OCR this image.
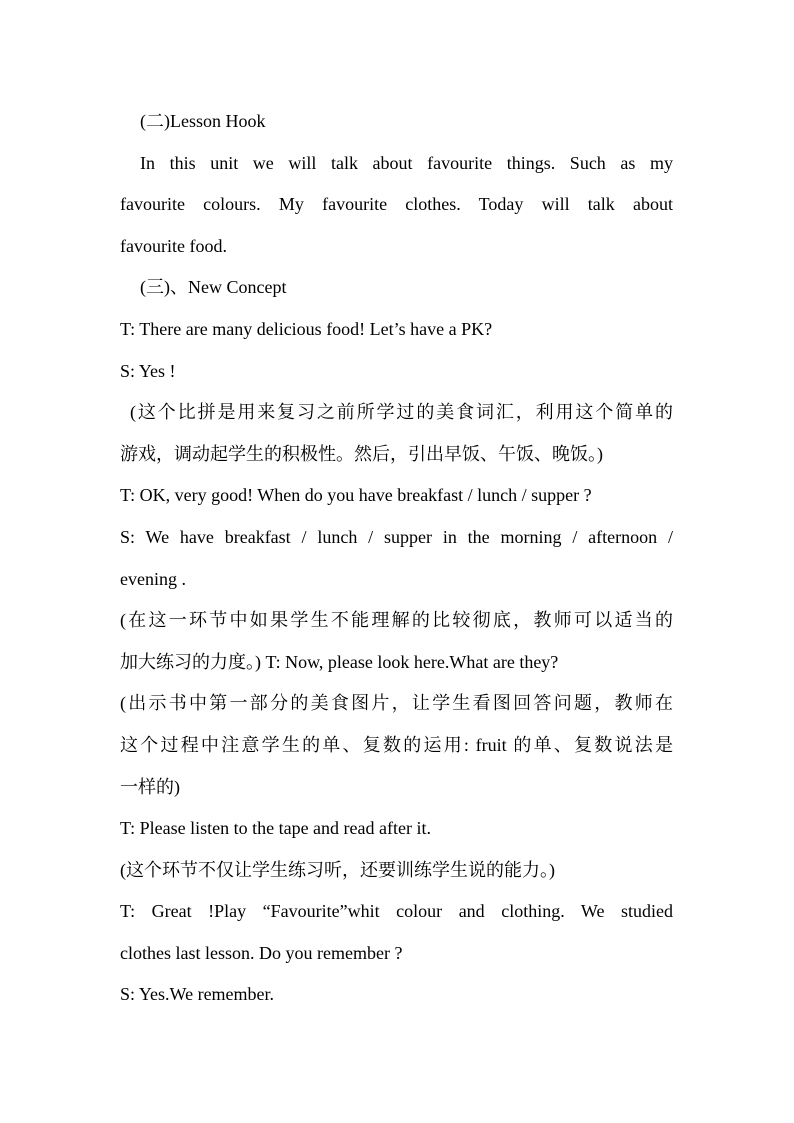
(二)Lesson Hook
In this unit we will talk about favourite things. Such as my
favourite colours. My favourite clothes. Today will talk about
favourite food.
(三)、New Concept
T: There are many delicious food! Let’s have a PK?
S: Yes !
(这个比拼是用来复习之前所学过的美食词汇，利用这个简单的
游戏，调动起学生的积极性。然后，引出早饭、午饭、晚饭。)
T: OK, very good! When do you have breakfast / lunch / supper ?
S: We have breakfast / lunch / supper in the morning / afternoon /
evening .
(在这一环节中如果学生不能理解的比较彻底，教师可以适当的
加大练习的力度。) T: Now, please look here.What are they?
(出示书中第一部分的美食图片，让学生看图回答问题，教师在
这个过程中注意学生的单、复数的运用: fruit 的单、复数说法是
一样的)
T: Please listen to the tape and read after it.
(这个环节不仅让学生练习听，还要训练学生说的能力。)
T: Great !Play “Favourite”whit colour and clothing. We studied
clothes last lesson. Do you remember ?
S: Yes.We remember.
